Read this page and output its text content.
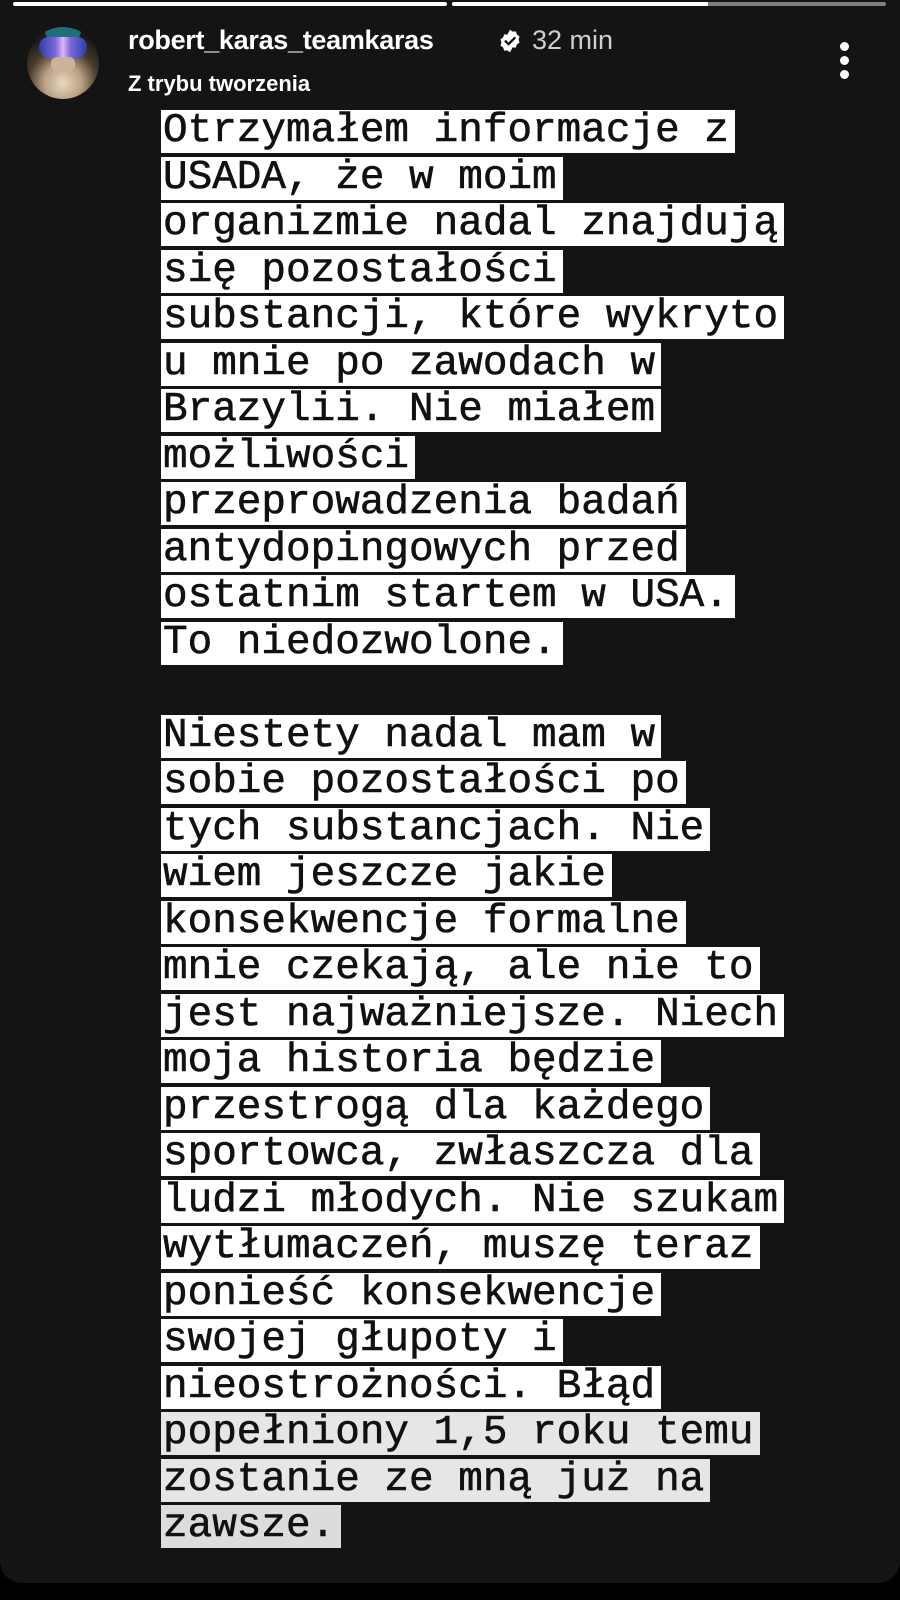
robert_karas_teamkaras	32 min
Z trybu tworzenia
Otrzymałem informacje z
USADA, że w moim
organizmie nadal znajdują
się pozostałości
substancji, które wykryto
u mnie po zawodach w
Brazylii. Nie miałem
możliwości
przeprowadzenia badań
antydopingowych przed
ostatnim startem w USA.
To niedozwolone.
Niestety nadal mam w
sobie pozostałości po
tych substancjach. Nie
wiem jeszcze jakie
konsekwencje formalne
mnie czekają, ale nie to
jest najważniejsze. Niech
moja historia będzie
przestrogą dla każdego
sportowca, zwłaszcza dla
ludzi młodych. Nie szukam
wytłumaczeń, muszę teraz
ponieść konsekwencje
swojej głupoty i
nieostrożności. Błąd
popełniony 1,5 roku temu
zostanie ze mną już na
zawsze.
